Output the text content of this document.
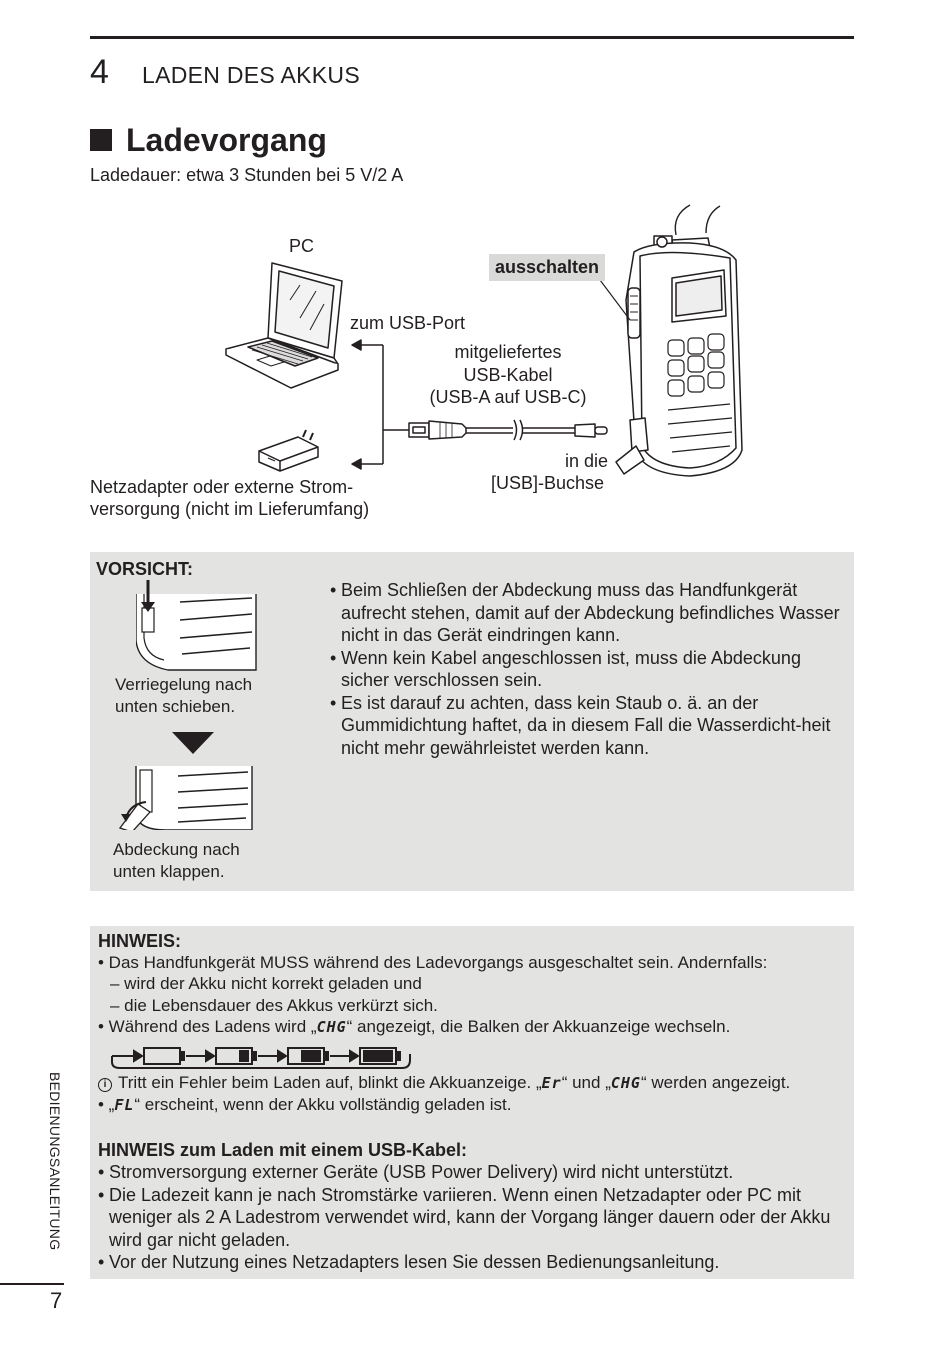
4 LADEN DES AKKUS
Ladevorgang
Ladedauer: etwa 3 Stunden bei 5 V/2 A
PC
zum USB-Port
mitgeliefertes
USB-Kabel
(USB-A auf USB-C)
ausschalten
in die
[USB]-Buchse
Netzadapter oder externe Strom-
versorgung (nicht im Lieferumfang)
VORSICHT:
Verriegelung nach
unten schieben.
Abdeckung nach
unten klappen.
• Beim Schließen der Abdeckung muss das Handfunkgerät aufrecht stehen, damit auf der Abdeckung befindliches Wasser nicht in das Gerät eindringen kann.
• Wenn kein Kabel angeschlossen ist, muss die Abdeckung sicher verschlossen sein.
• Es ist darauf zu achten, dass kein Staub o. ä. an der Gummidichtung haftet, da in diesem Fall die Wasserdicht-heit nicht mehr gewährleistet werden kann.
HINWEIS:
• Das Handfunkgerät MUSS während des Ladevorgangs ausgeschaltet sein. Andernfalls:
– wird der Akku nicht korrekt geladen und
– die Lebensdauer des Akkus verkürzt sich.
• Während des Ladens wird „CHG“ angezeigt, die Balken der Akkuanzeige wechseln.
i Tritt ein Fehler beim Laden auf, blinkt die Akkuanzeige. „Er“ und „CHG“ werden angezeigt.
• „FL“ erscheint, wenn der Akku vollständig geladen ist.
HINWEIS zum Laden mit einem USB-Kabel:
• Stromversorgung externer Geräte (USB Power Delivery) wird nicht unterstützt.
• Die Ladezeit kann je nach Stromstärke variieren. Wenn einen Netzadapter oder PC mit weniger als 2 A Ladestrom verwendet wird, kann der Vorgang länger dauern oder der Akku wird gar nicht geladen.
• Vor der Nutzung eines Netzadapters lesen Sie dessen Bedienungsanleitung.
BEDIENUNGSANLEITUNG
7
